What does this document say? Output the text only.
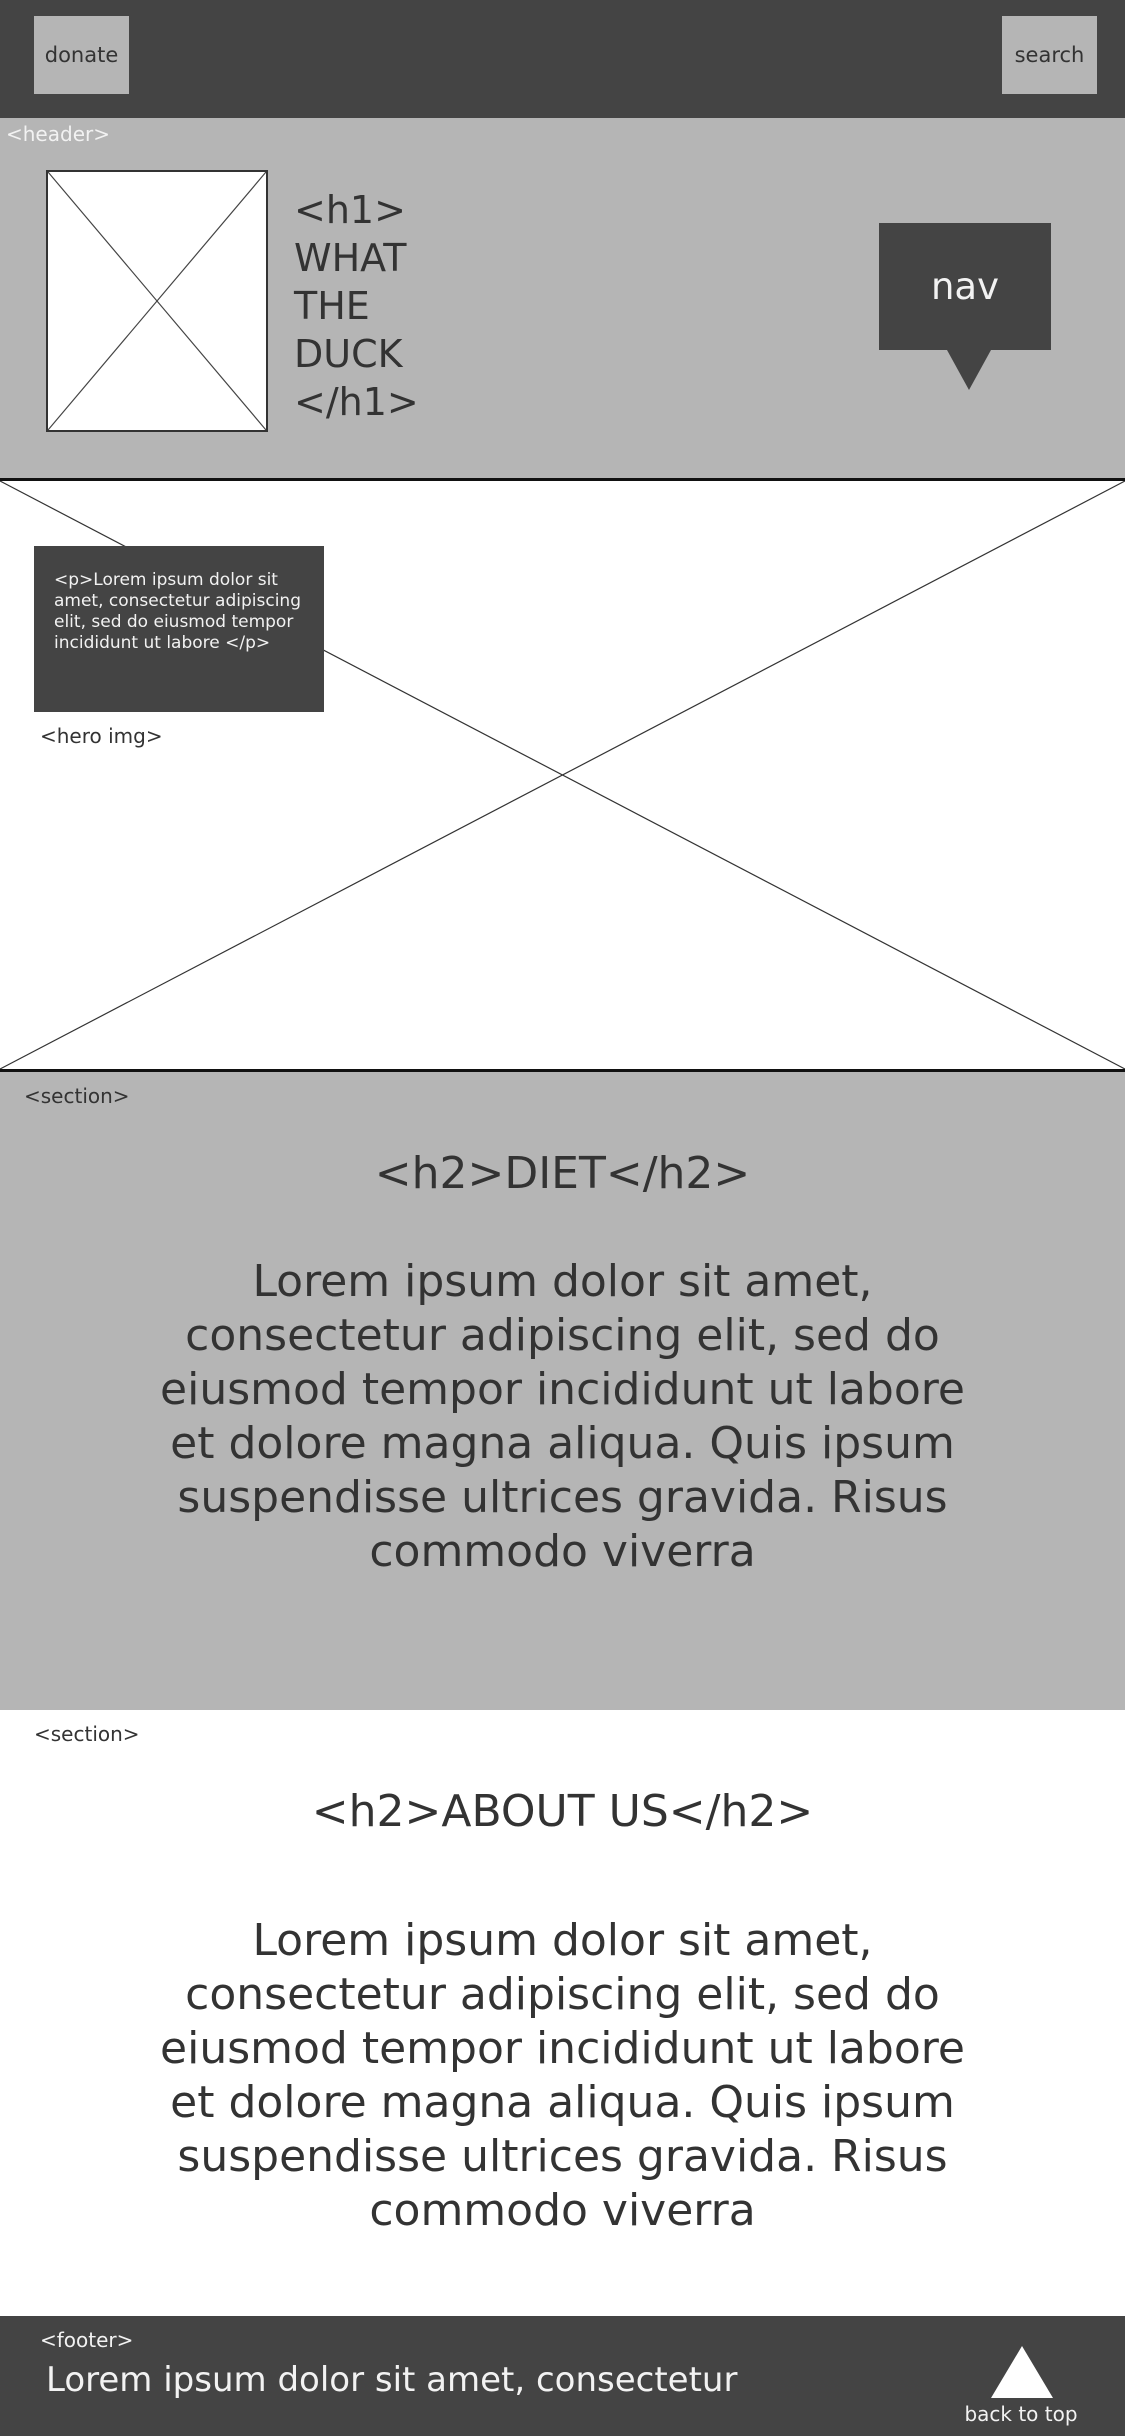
donate	search
<header>
<h1>
WHAT
THE
DUCK
</h1>
nav
<p>Lorem ipsum dolor sit amet, consectetur adipiscing elit, sed do eiusmod tempor incididunt ut labore </p>
<hero img>
<section>
<h2>DIET</h2>
Lorem ipsum dolor sit amet, consectetur adipiscing elit, sed do eiusmod tempor incididunt ut labore et dolore magna aliqua. Quis ipsum suspendisse ultrices gravida. Risus commodo viverra
<section>
<h2>ABOUT US</h2>
Lorem ipsum dolor sit amet, consectetur adipiscing elit, sed do eiusmod tempor incididunt ut labore et dolore magna aliqua. Quis ipsum suspendisse ultrices gravida. Risus commodo viverra
<footer>
Lorem ipsum dolor sit amet, consectetur
back to top
